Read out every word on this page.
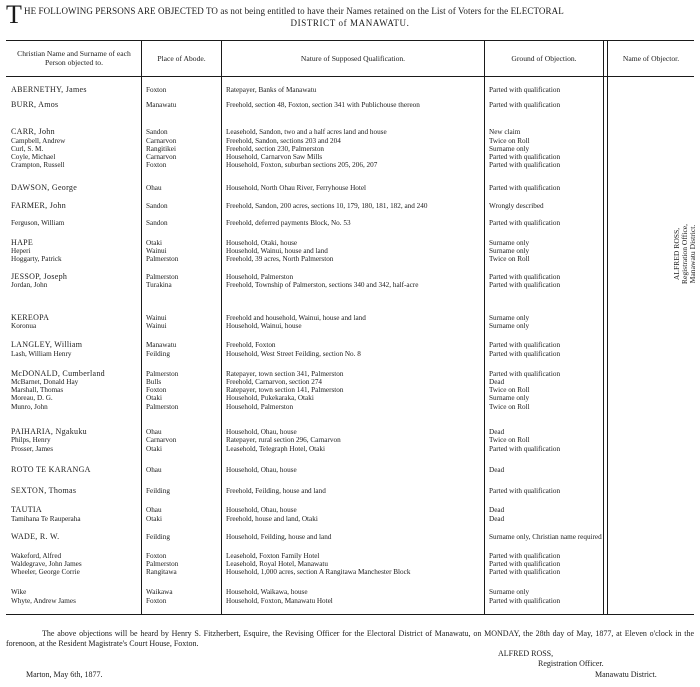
T HE FOLLOWING PERSONS ARE OBJECTED TO as not being entitled to have their Names retained on the List of Voters for the ELECTORAL
DISTRICT of MANAWATU.
Christian Name and Surname of each Person objected to.	Place of Abode.	Nature of Supposed Qualification.	Ground of Objection.	Name of Objector.
ABERNETHY, James	Foxton	Ratepayer, Banks of Manawatu	Parted with qualification
BURR, Amos	Manawatu	Freehold, section 48, Foxton, section 341 with Publichouse thereon	Parted with qualification
CARR, John	Sandon	Leasehold, Sandon, two and a half acres land and house	New claim
Campbell, Andrew	Carnarvon	Freehold, Sandon, sections 203 and 204	Twice on Roll
Curl, S. M.	Rangitikei	Freehold, section 230, Palmerston	Surname only
Coyle, Michael	Carnarvon	Household, Carnarvon Saw Mills	Parted with qualification
Crampton, Russell	Foxton	Household, Foxton, suburban sections 205, 206, 207	Parted with qualification
DAWSON, George	Ohau	Household, North Ohau River, Ferryhouse Hotel	Parted with qualification
FARMER, John	Sandon	Freehold, Sandon, 200 acres, sections 10, 179, 180, 181, 182, and 240	Wrongly described
Ferguson, William	Sandon	Freehold, deferred payments Block, No. 53	Parted with qualification
HAPE	Otaki	Household, Otaki, house	Surname only
Heperi	Wainui	Household, Wainui, house and land	Surname only
Hoggarty, Patrick	Palmerston	Freehold, 39 acres, North Palmerston	Twice on Roll
JESSOP, Joseph	Palmerston	Household, Palmerston	Parted with qualification
Jordan, John	Turakina	Freehold, Township of Palmerston, sections 340 and 342, half-acre	Parted with qualification
KEREOPA	Wainui	Freehold and household, Wainui, house and land	Surname only
Koronua	Wainui	Household, Wainui, house	Surname only
LANGLEY, William	Manawatu	Freehold, Foxton	Parted with qualification
Lash, William Henry	Feilding	Household, West Street Feilding, section No. 8	Parted with qualification
McDONALD, Cumberland	Palmerston	Ratepayer, town section 341, Palmerston	Parted with qualification
McBarnet, Donald Hay	Bulls	Freehold, Carnarvon, section 274	Dead
Marshall, Thomas	Foxton	Ratepayer, town section 141, Palmerston	Twice on Roll
Moreau, D. G.	Otaki	Household, Pukekaraka, Otaki	Surname only
Munro, John	Palmerston	Household, Palmerston	Twice on Roll
PAIHARIA, Ngakuku	Ohau	Household, Ohau, house	Dead
Philps, Henry	Carnarvon	Ratepayer, rural section 296, Carnarvon	Twice on Roll
Prosser, James	Otaki	Leasehold, Telegraph Hotel, Otaki	Parted with qualification
ROTO TE KARANGA	Ohau	Household, Ohau, house	Dead
SEXTON, Thomas	Feilding	Freehold, Feilding, house and land	Parted with qualification
TAUTIA	Ohau	Household, Ohau, house	Dead
Tamihana Te Rauperaha	Otaki	Freehold, house and land, Otaki	Dead
WADE, R. W.	Feilding	Household, Feilding, house and land	Surname only, Christian name required
Wakeford, Alfred	Foxton	Leasehold, Foxton Family Hotel	Parted with qualification
Waldegrave, John James	Palmerston	Leasehold, Royal Hotel, Manawatu	Parted with qualification
Wheeler, George Corrie	Rangitawa	Household, 1,000 acres, section A Rangitawa Manchester Block	Parted with qualification
Wike	Waikawa	Household, Waikawa, house	Surname only
Whyte, Andrew James	Foxton	Household, Foxton, Manawatu Hotel	Parted with qualification
ALFRED ROSS, Registration Office, Manawatu District.
The above objections will be heard by Henry S. Fitzherbert, Esquire, the Revising Officer for the Electoral District of Manawatu, on MONDAY, the 28th day of May, 1877, at Eleven o'clock in the forenoon, at the Resident Magistrate's Court House, Foxton.
ALFRED ROSS,
Registration Officer.
Marton, May 6th, 1877.	Manawatu District.
